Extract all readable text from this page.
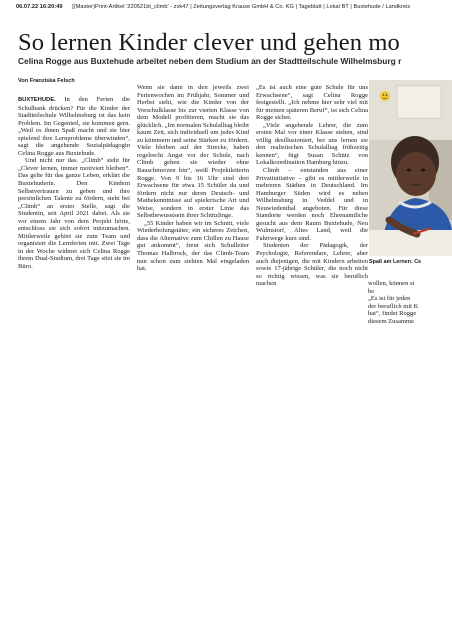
06.07.22 16:20:49 [(Master)Print-Artikel '220521bt_climb' - zvk47 | Zeitungsverlag Krause GmbH & Co. KG | Tageblatt | Lokal BT | Buxtehude / Landkreis
So lernen Kinder clever und gehen mo
Celina Rogge aus Buxtehude arbeitet neben dem Studium an der Stadtteilschule Wilhelmsburg r
Von Franziska Felsch

BUXTEHUDE. In den Ferien die Schulbank drücken? Für die Kinder der Stadtteilschule Wilhelmsburg ist das kein Problem. Im Gegenteil, sie kommen gern. „Weil es ihnen Spaß macht und sie hier spielend ihre Lernprobleme überwinden“, sagt die angehende Sozialpädagogin Celina Rogge aus Buxtehude.

Und nicht nur das. „Climb“ steht für „Clever lernen, immer motiviert bleiben“. Das gelte für das ganze Leben, erklärt die Buxtehuderin. Den Kindern Selbstvertrauen zu geben und ihre persönlichen Talente zu fördern, steht bei „Climb“ an erster Stelle, sagt die Studentin, seit April 2021 dabei. Als sie vor einem Jahr von dem Projekt hörte, entschloss sie sich sofort mitzumachen. Mittlerweile gehört sie zum Team und organisiert die Lernferien mit. Zwei Tage in der Woche widmet sich Celina Rogge ihrem Dual-Studium, drei Tage sitzt sie im Büro.

Wenn sie dann in den jeweils zwei Ferienwochen im Frühjahr, Sommer und Herbst sieht, wie die Kinder von der Vorschulklasse bis zur vierten Klasse von dem Modell profitieren, macht sie das glücklich. „Im normalen Schulalltag bleibt kaum Zeit, sich individuell um jedes Kind zu kümmern und seine Stärken zu fördern. Viele bleiben auf der Strecke, haben regelrecht Angst vor der Schule, nach Climb gehen sie wieder ohne Bauschmerzen hin“, weiß Projektleiterin Rogge. Von 9 bis 16 Uhr sind drei Erwachsene für etwa 15 Schüler da und fördern nicht nur deren Deutsch- und Mathekenntnisse auf spielerische Art und Weise, sondern in erster Linie das Selbstbewusstsein ihrer Schützlinge.

„55 Kinder haben wir im Schnitt, viele Wiederholungstäter, ein sicheres Zeichen, dass die Alternative zum Chillen zu Hause gut ankommt“, freut sich Schulleiter Thomas Halbrock, der das Climb-Team nun schon zum siebten Mal eingeladen hat.

„Es ist auch eine gute Schule für uns Erwachsene“, sagt Celina Rogge festgestellt. „Ich nehme hier sehr viel mit für meinen späteren Beruf“, ist sich Celina Rogge sicher.

„Viele angehende Lehrer, die zum ersten Mal vor einer Klasse stehen, sind völlig desillusioniert, bei uns lernen sie den realistischen Schulalltag frühzeitig kennen“, fügt Susan Schütz von Lokalkoordination Hamburg hinzu.

Climb – entstanden aus einer Privatinitiative – gibt es mittlerweile in mehreren Städten in Deutschland. Im Hamburger Süden wird es neben Wilhelmsburg in Veddel und in Neuwiedenthal angeboten. Für diese Standorte werden noch Ehrenamtliche gesucht aus dem Raum Buxtehude, Neu Wulmstorf, Altes Land, weil die Fahrtwege kurz sind.

Studenten der Pädagogik, der Psychologie, Referendare, Lehrer, aber auch diejenigen, die mit Kindern arbeiten sowie 17-jährige Schüler, die noch nicht so richtig wissen, was sie beruflich machen

Spaß am Lernen: Ce

wollen, können si

be

„Es ist für jeden

der beruflich mit K

hat“, findet Rogge

diesem Zusamme
